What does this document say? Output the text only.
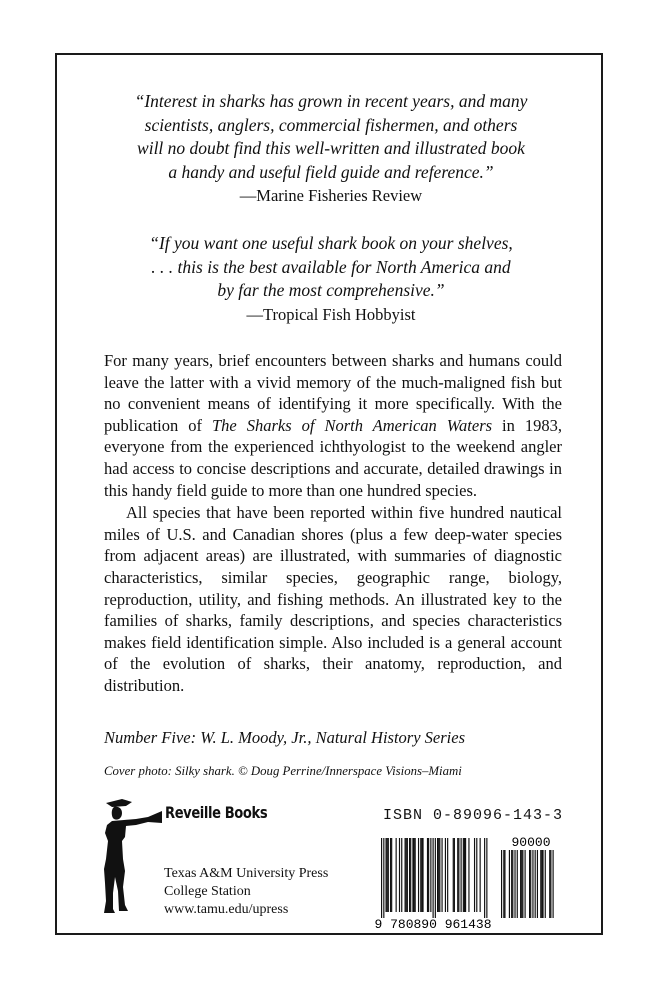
“Interest in sharks has grown in recent years, and many

scientists, anglers, commercial fishermen, and others

will no doubt find this well-written and illustrated book

a handy and useful field guide and reference.”

—Marine Fisheries Review

“If you want one useful shark book on your shelves,

. . . this is the best available for North America and

by far the most comprehensive.”

—Tropical Fish Hobbyist

For many years, brief encounters between sharks and humans could leave the latter with a vivid memory of the much-maligned fish but no convenient means of identifying it more specifically. With the publication of The Sharks of North American Waters in 1983, everyone from the experienced ichthyologist to the weekend angler had access to concise descriptions and accurate, detailed drawings in this handy field guide to more than one hundred species.

All species that have been reported within five hundred nautical miles of U.S. and Canadian shores (plus a few deep-water species from adjacent areas) are illustrated, with summaries of diagnostic characteristics, similar species, geographic range, biology, reproduction, utility, and fishing methods. An illustrated key to the families of sharks, family descriptions, and species characteristics makes field identification simple. Also included is a general account of the evolution of sharks, their anatomy, reproduction, and distribution.

Number Five: W. L. Moody, Jr., Natural History Series
Cover photo: Silky shark. © Doug Perrine/Innerspace Visions–Miami
Reveille Books
Texas A&M University Press
College Station
www.tamu.edu/upress
ISBN 0-89096-143-3
90000
9 780890 961438
